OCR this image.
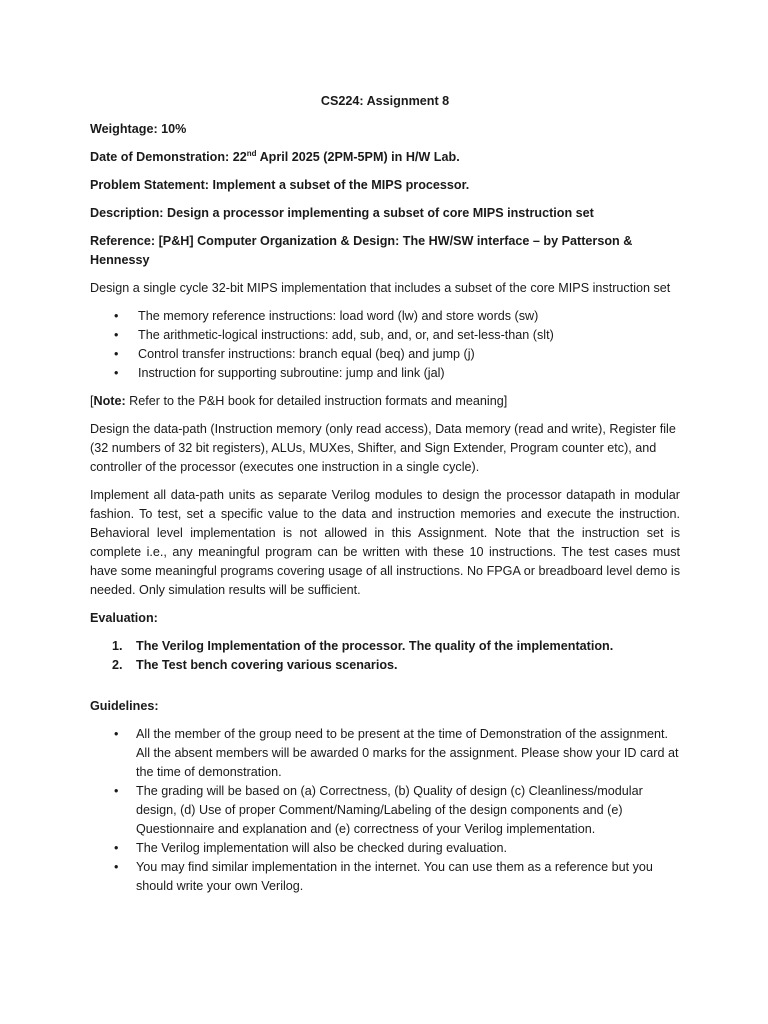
CS224: Assignment 8
Weightage: 10%
Date of Demonstration: 22nd April 2025 (2PM-5PM) in H/W Lab.
Problem Statement: Implement a subset of the MIPS processor.
Description: Design a processor implementing a subset of core MIPS instruction set
Reference: [P&H] Computer Organization & Design: The HW/SW interface – by Patterson & Hennessy
Design a single cycle 32-bit MIPS implementation that includes a subset of the core MIPS instruction set
• The memory reference instructions: load word (lw) and store words (sw)
• The arithmetic-logical instructions: add, sub, and, or, and set-less-than (slt)
• Control transfer instructions: branch equal (beq) and jump (j)
• Instruction for supporting subroutine: jump and link (jal)
[Note: Refer to the P&H book for detailed instruction formats and meaning]
Design the data-path (Instruction memory (only read access), Data memory (read and write), Register file (32 numbers of 32 bit registers), ALUs, MUXes, Shifter, and Sign Extender, Program counter etc), and controller of the processor (executes one instruction in a single cycle).
Implement all data-path units as separate Verilog modules to design the processor datapath in modular fashion. To test, set a specific value to the data and instruction memories and execute the instruction. Behavioral level implementation is not allowed in this Assignment. Note that the instruction set is complete i.e., any meaningful program can be written with these 10 instructions. The test cases must have some meaningful programs covering usage of all instructions. No FPGA or breadboard level demo is needed. Only simulation results will be sufficient.
Evaluation:
1. The Verilog Implementation of the processor. The quality of the implementation.
2. The Test bench covering various scenarios.
Guidelines:
• All the member of the group need to be present at the time of Demonstration of the assignment. All the absent members will be awarded 0 marks for the assignment. Please show your ID card at the time of demonstration.
• The grading will be based on (a) Correctness, (b) Quality of design (c) Cleanliness/modular design, (d) Use of proper Comment/Naming/Labeling of the design components and (e) Questionnaire and explanation and (e) correctness of your Verilog implementation.
• The Verilog implementation will also be checked during evaluation.
• You may find similar implementation in the internet. You can use them as a reference but you should write your own Verilog.
